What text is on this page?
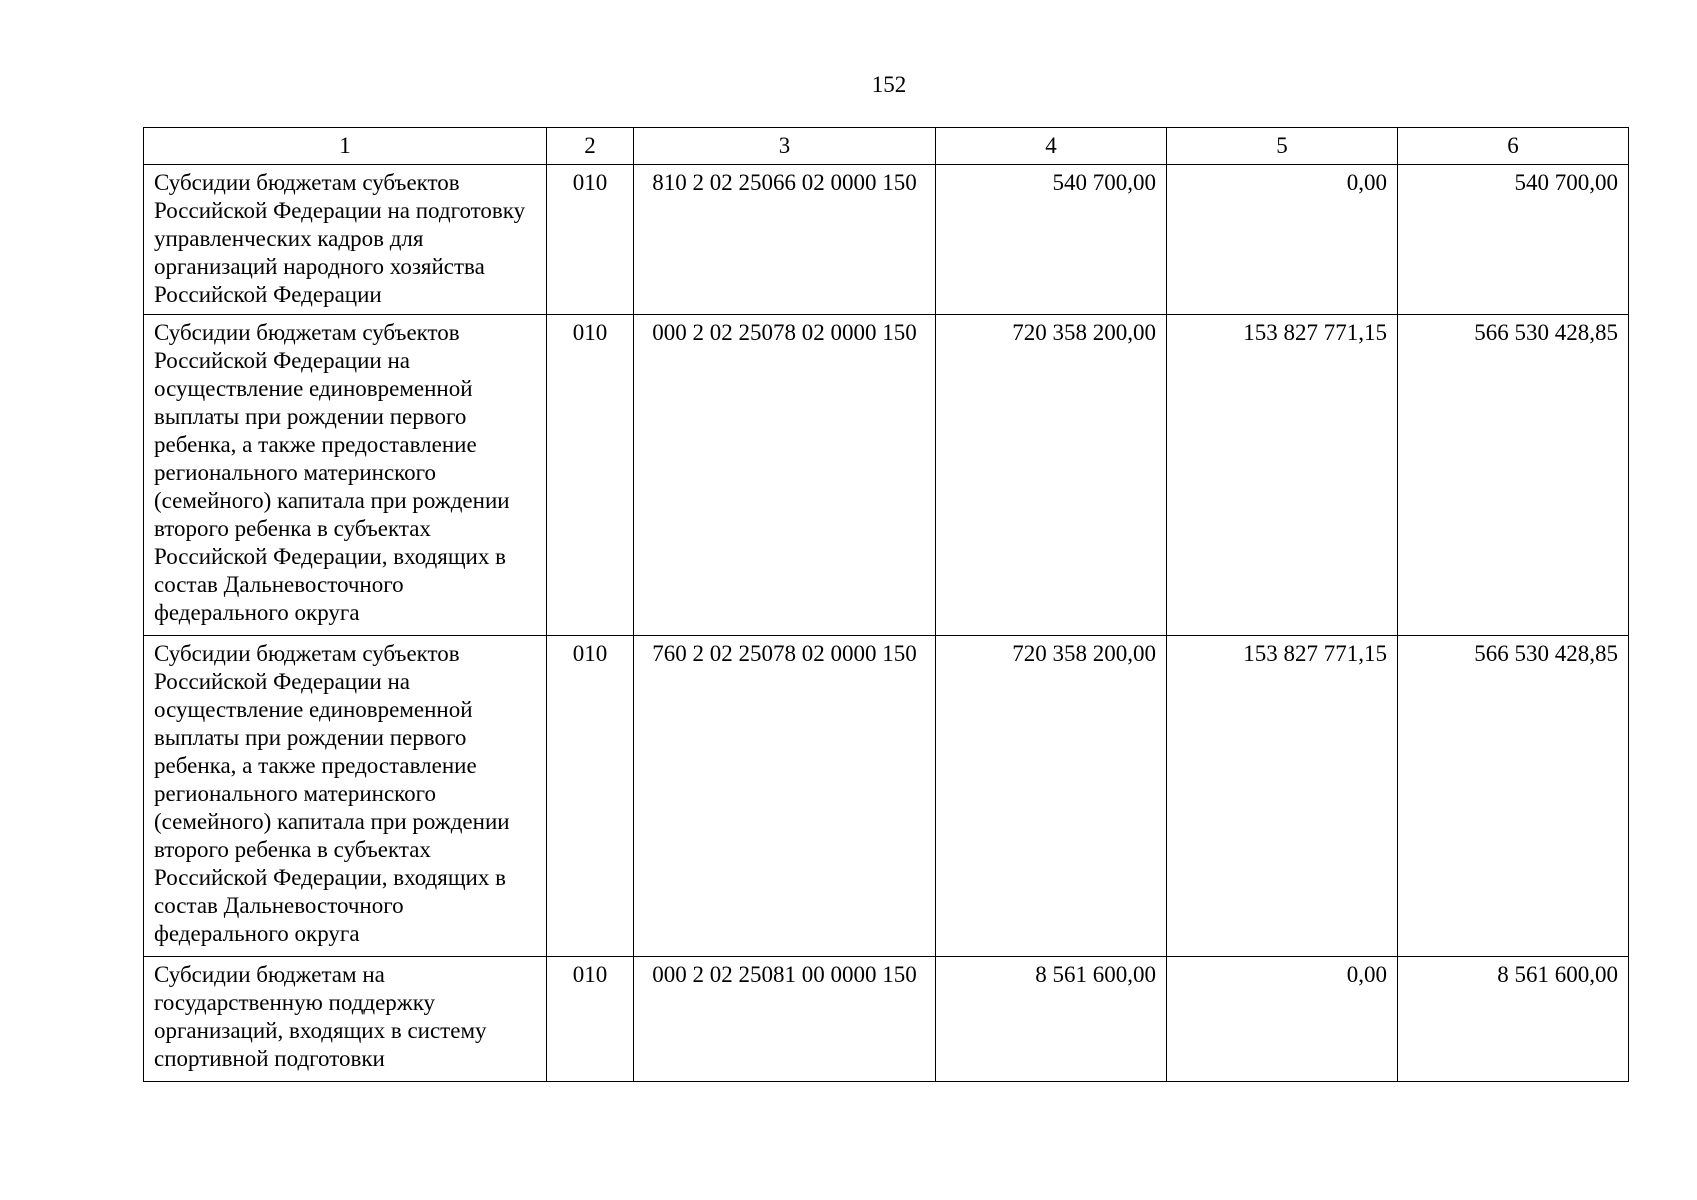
152
1	2	3	4	5	6
Субсидии бюджетам субъектов Российской Федерации на подготовку управленческих кадров для организаций народного хозяйства Российской Федерации	010	810 2 02 25066 02 0000 150	540 700,00	0,00	540 700,00
Субсидии бюджетам субъектов Российской Федерации на осуществление единовременной выплаты при рождении первого ребенка, а также предоставление регионального материнского (семейного) капитала при рождении второго ребенка в субъектах Российской Федерации, входящих в состав Дальневосточного федерального округа	010	000 2 02 25078 02 0000 150	720 358 200,00	153 827 771,15	566 530 428,85
Субсидии бюджетам субъектов Российской Федерации на осуществление единовременной выплаты при рождении первого ребенка, а также предоставление регионального материнского (семейного) капитала при рождении второго ребенка в субъектах Российской Федерации, входящих в состав Дальневосточного федерального округа	010	760 2 02 25078 02 0000 150	720 358 200,00	153 827 771,15	566 530 428,85
Субсидии бюджетам на государственную поддержку организаций, входящих в систему спортивной подготовки	010	000 2 02 25081 00 0000 150	8 561 600,00	0,00	8 561 600,00
